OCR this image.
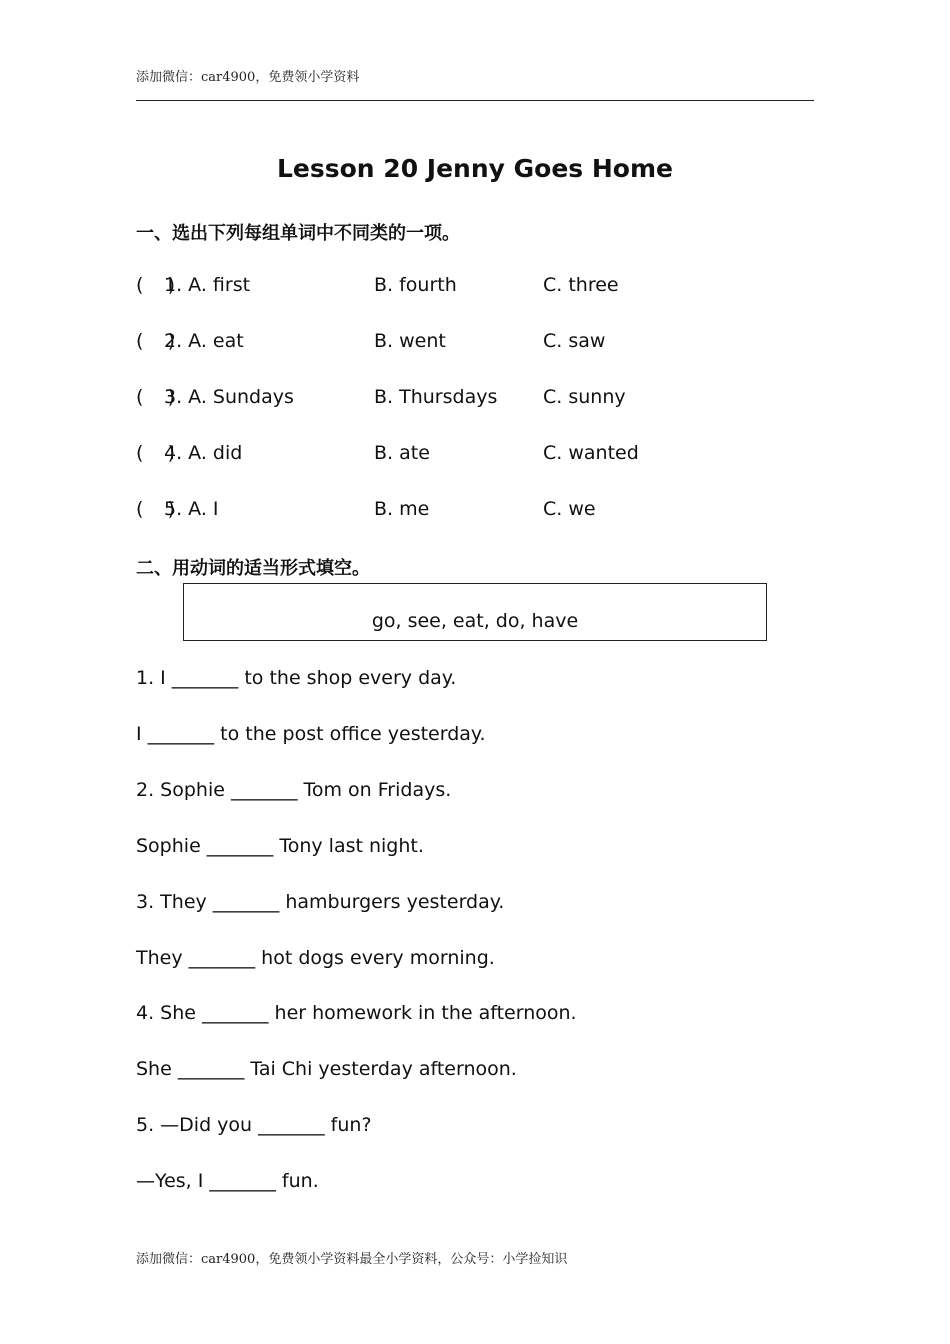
添加微信：car4900，免费领小学资料
Lesson 20 Jenny Goes Home
一、选出下列每组单词中不同类的一项。
(    )
1. A. first	B. fourth	C. three
(    )
2. A. eat	B. went	C. saw
(    )
3. A. Sundays	B. Thursdays C. sunny
(    )
4. A. did	B. ate	C. wanted
(    )
5. A. I	B. me	C. we
二、用动词的适当形式填空。
go, see, eat, do, have
1. I _______ to the shop every day.
I _______ to the post office yesterday.
2. Sophie _______ Tom on Fridays.
Sophie _______ Tony last night.
3. They _______ hamburgers yesterday.
They _______ hot dogs every morning.
4. She _______ her homework in the afternoon.
She _______ Tai Chi yesterday afternoon.
5. —Did you _______ fun?
—Yes, I _______ fun.
添加微信：car4900，免费领小学资料最全小学资料，公众号：小学捡知识
